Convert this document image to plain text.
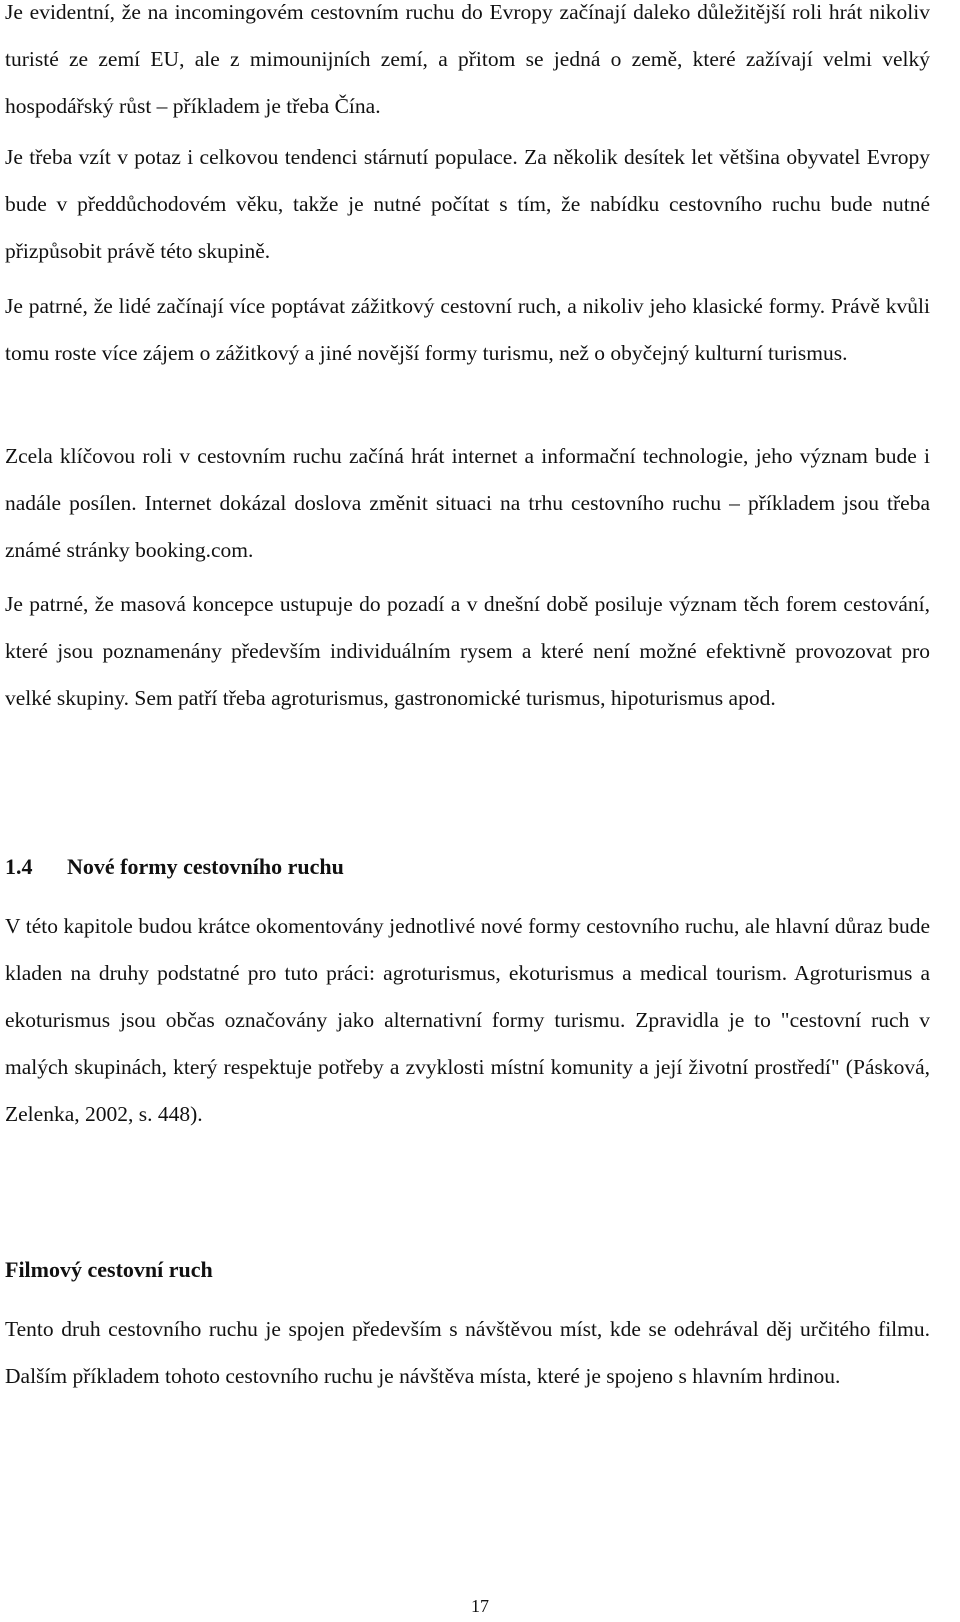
Je evidentní, že na incomingovém cestovním ruchu do Evropy začínají daleko důležitější roli hrát nikoliv turisté ze zemí EU, ale z mimounijních zemí, a přitom se jedná o země, které zažívají velmi velký hospodářský růst – příkladem je třeba Čína.

Je třeba vzít v potaz i celkovou tendenci stárnutí populace. Za několik desítek let většina obyvatel Evropy bude v předdůchodovém věku, takže je nutné počítat s tím, že nabídku cestovního ruchu bude nutné přizpůsobit právě této skupině.

Je patrné, že lidé začínají více poptávat zážitkový cestovní ruch, a nikoliv jeho klasické formy. Právě kvůli tomu roste více zájem o zážitkový a jiné novější formy turismu, než o obyčejný kulturní turismus.

Zcela klíčovou roli v cestovním ruchu začíná hrát internet a informační technologie, jeho význam bude i nadále posílen. Internet dokázal doslova změnit situaci na trhu cestovního ruchu – příkladem jsou třeba známé stránky booking.com.

Je patrné, že masová koncepce ustupuje do pozadí a v dnešní době posiluje význam těch forem cestování, které jsou poznamenány především individuálním rysem a které není možné efektivně provozovat pro velké skupiny. Sem patří třeba agroturismus, gastronomické turismus, hipoturismus apod.

1.4 Nové formy cestovního ruchu

V této kapitole budou krátce okomentovány jednotlivé nové formy cestovního ruchu, ale hlavní důraz bude kladen na druhy podstatné pro tuto práci: agroturismus, ekoturismus a medical tourism. Agroturismus a ekoturismus jsou občas označovány jako alternativní formy turismu. Zpravidla je to "cestovní ruch v malých skupinách, který respektuje potřeby a zvyklosti místní komunity a její životní prostředí" (Pásková, Zelenka, 2002, s. 448).

Filmový cestovní ruch

Tento druh cestovního ruchu je spojen především s návštěvou míst, kde se odehrával děj určitého filmu. Dalším příkladem tohoto cestovního ruchu je návštěva místa, které je spojeno s hlavním hrdinou.

17
